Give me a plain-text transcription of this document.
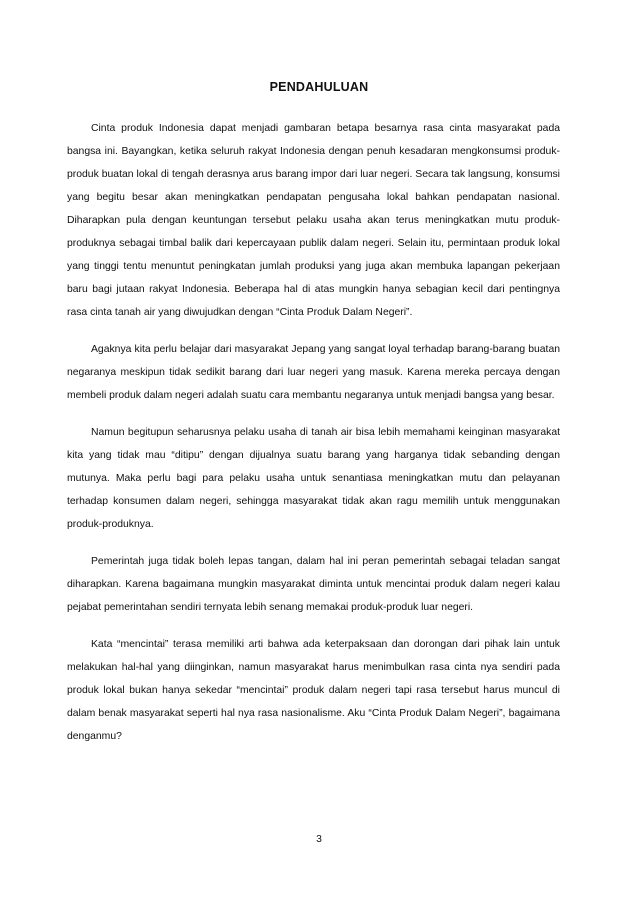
PENDAHULUAN

Cinta produk Indonesia dapat menjadi gambaran betapa besarnya rasa cinta masyarakat pada bangsa ini. Bayangkan, ketika seluruh rakyat Indonesia dengan penuh kesadaran mengkonsumsi produk-produk buatan lokal di tengah derasnya arus barang impor dari luar negeri. Secara tak langsung, konsumsi yang begitu besar akan meningkatkan pendapatan pengusaha lokal bahkan pendapatan nasional. Diharapkan pula dengan keuntungan tersebut pelaku usaha akan terus meningkatkan mutu produk-produknya sebagai timbal balik dari kepercayaan publik dalam negeri. Selain itu, permintaan produk lokal yang tinggi tentu menuntut peningkatan jumlah produksi yang juga akan membuka lapangan pekerjaan baru bagi jutaan rakyat Indonesia. Beberapa hal di atas mungkin hanya sebagian kecil dari pentingnya rasa cinta tanah air yang diwujudkan dengan “Cinta Produk Dalam Negeri”.

Agaknya kita perlu belajar dari masyarakat Jepang yang sangat loyal terhadap barang-barang buatan negaranya meskipun tidak sedikit barang dari luar negeri yang masuk. Karena mereka percaya dengan membeli produk dalam negeri adalah suatu cara membantu negaranya untuk menjadi bangsa yang besar.

Namun begitupun seharusnya pelaku usaha di tanah air bisa lebih memahami keinginan masyarakat kita yang tidak mau “ditipu” dengan dijualnya suatu barang yang harganya tidak sebanding dengan mutunya. Maka perlu bagi para pelaku usaha untuk senantiasa meningkatkan mutu dan pelayanan terhadap konsumen dalam negeri, sehingga masyarakat tidak akan ragu memilih untuk menggunakan produk-produknya.

Pemerintah juga tidak boleh lepas tangan, dalam hal ini peran pemerintah sebagai teladan sangat diharapkan. Karena bagaimana mungkin masyarakat diminta untuk mencintai produk dalam negeri kalau pejabat pemerintahan sendiri ternyata lebih senang memakai produk-produk luar negeri.

Kata “mencintai” terasa memiliki arti bahwa ada keterpaksaan dan dorongan dari pihak lain untuk melakukan hal-hal yang diinginkan, namun masyarakat harus menimbulkan rasa cinta nya sendiri pada produk lokal bukan hanya sekedar “mencintai” produk dalam negeri tapi rasa tersebut harus muncul di dalam benak masyarakat seperti hal nya rasa nasionalisme. Aku “Cinta Produk Dalam Negeri”, bagaimana denganmu?

3
